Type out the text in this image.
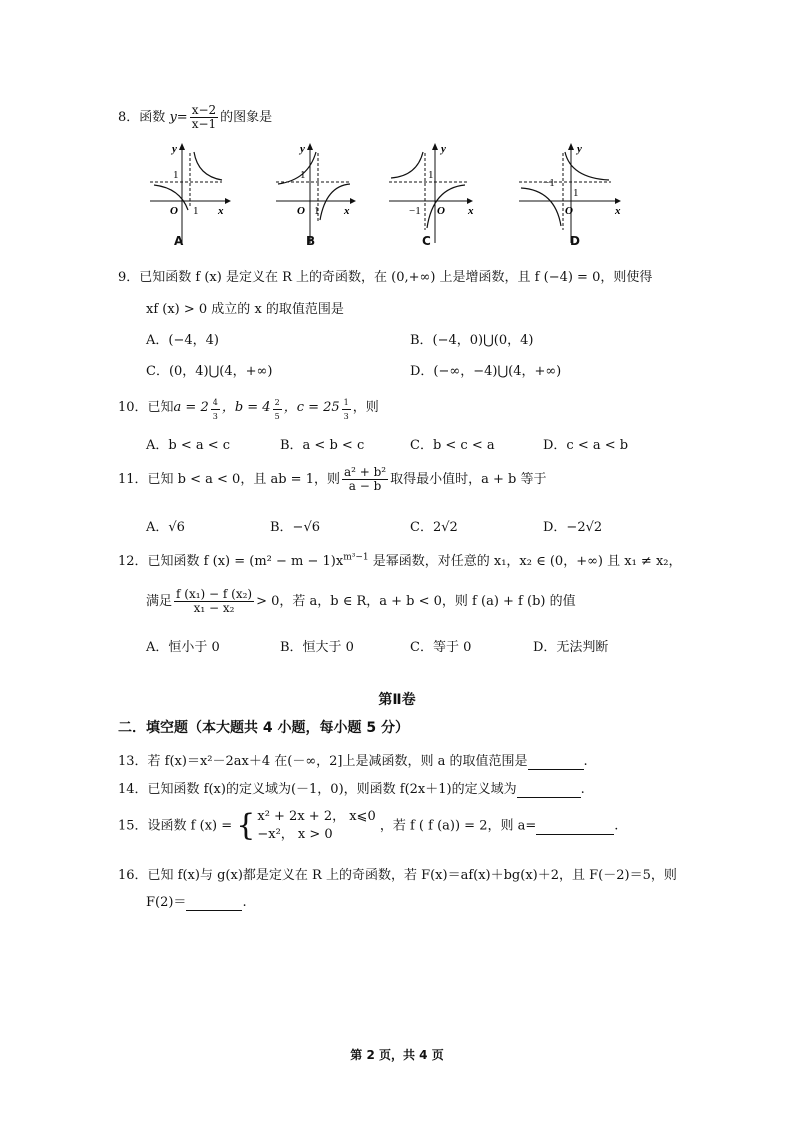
8．函数 $y= \frac{x-2}{x-1}$ 的图象是
y
1
O 1 x
A
y
1
O 1 x
B
y
1
−1 O x
C
y
1
−1
O	x
D
9．已知函数 f (x) 是定义在 R 上的奇函数，在 (0,+∞) 上是增函数，且 f (−4) = 0，则使得
xf (x) > 0 成立的 x 的取值范围是
A．(−4，4)	B．(−4，0)⋃(0，4)
C．(0，4)⋃(4，+∞)	D．(−∞，−4)⋃(4，+∞)
10．已知a = 2 $^{\frac{4}{3}}$ ，b = 4 $^{\frac{2}{5}}$ ，c = 25 $^{\frac{1}{3}}$ ，则
A．b < a < c	B．a < b < c	C．b < c < a	D．c < a < b
11．已知 b < a < 0，且 ab = 1，则 $\frac{\text{a² + b²}}{a - b}$ 取得最小值时，a + b 等于
A．√6	B．−√6	C．2√2	D．−2√2
12．已知函数 f $(x) = (m^2 - m - 1)x^{m^3-1}$ 是幂函数，对任意的 x₁，x₂ ∈ (0，+∞) 且 x₁ ≠ x₂，
满足 $\frac{\text{f (x₁) − f (x₂)}}{\text{x₁ − x₂}} > 0$，若 a，b ∈ R，a + b < 0，则 f (a) + f (b) 的值
A．恒小于 0	B．恒大于 0	C．等于 0	D．无法判断
第Ⅱ卷
二．填空题（本大题共 4 小题，每小题 5 分）
13．若 f(x)＝x²－2ax＋4 在(－∞，2]上是减函数，则 a 的取值范围是	.
14．已知函数 f(x)的定义域为(－1，0)，则函数 f(2x＋1)的定义域为	.
15．设函数 f (x) = { x² + 2x + 2， x⩽0
−x²， x > 0
，若 f ( f (a)) = 2，则 a=	.
16．已知 f(x)与 g(x)都是定义在 R 上的奇函数，若 F(x)＝af(x)＋bg(x)＋2，且 F(－2)＝5，则
F(2)＝	.
第 2 页，共 4 页
